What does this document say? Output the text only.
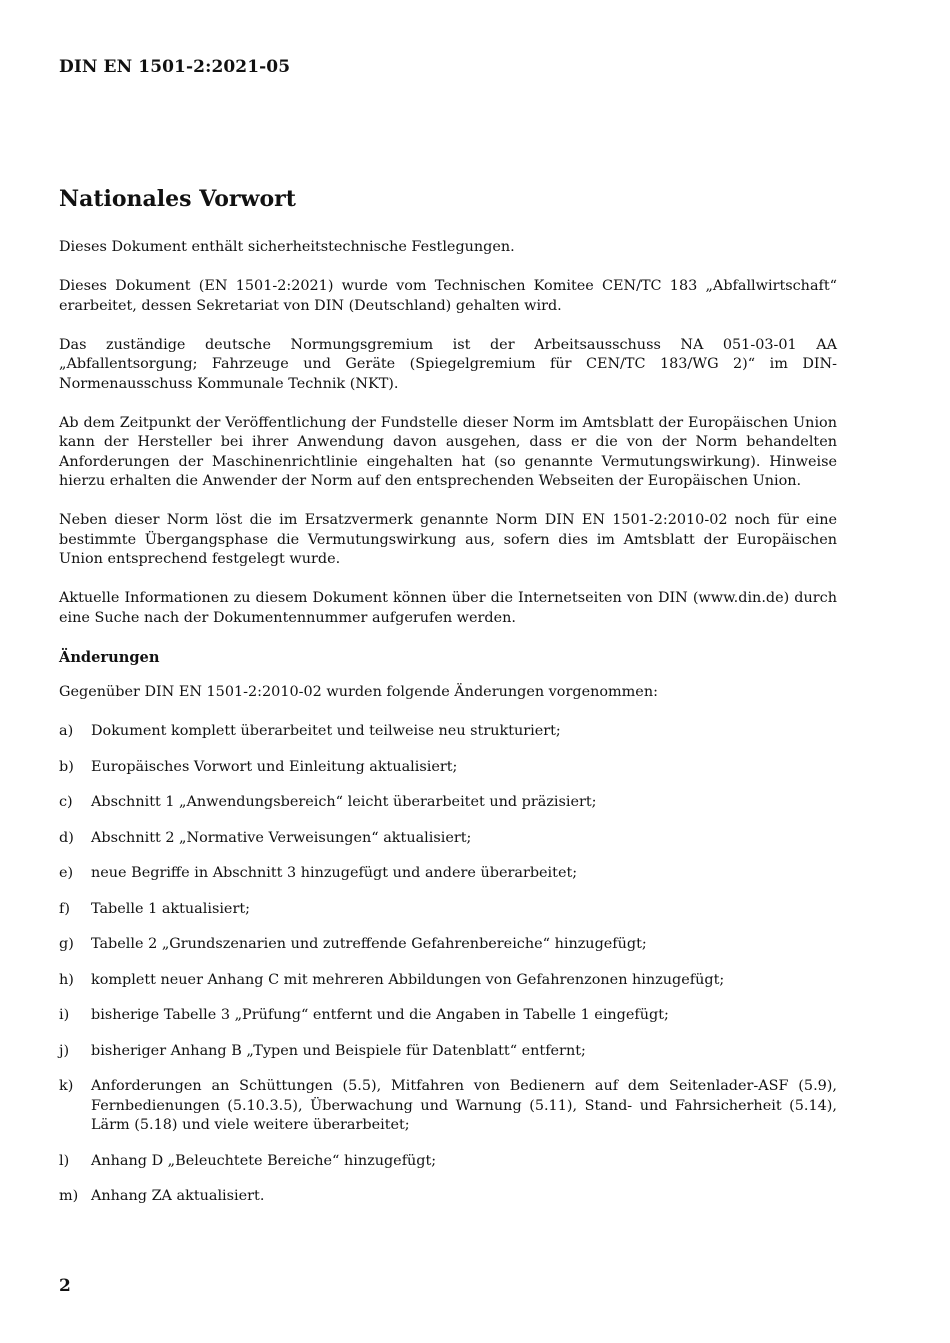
DIN EN 1501-2:2021-05
Nationales Vorwort

Dieses Dokument enthält sicherheitstechnische Festlegungen.

Dieses Dokument (EN 1501-2:2021) wurde vom Technischen Komitee CEN/TC 183 „Abfallwirtschaft“ erarbeitet, dessen Sekretariat von DIN (Deutschland) gehalten wird.

Das zuständige deutsche Normungsgremium ist der Arbeitsausschuss NA 051-03-01 AA „Abfallentsorgung; Fahrzeuge und Geräte (Spiegelgremium für CEN/TC 183/WG 2)“ im DIN-Normenausschuss Kommunale Technik (NKT).

Ab dem Zeitpunkt der Veröffentlichung der Fundstelle dieser Norm im Amtsblatt der Europäischen Union kann der Hersteller bei ihrer Anwendung davon ausgehen, dass er die von der Norm behandelten Anforderungen der Maschinenrichtlinie eingehalten hat (so genannte Vermutungswirkung). Hinweise hierzu erhalten die Anwender der Norm auf den entsprechenden Webseiten der Europäischen Union.

Neben dieser Norm löst die im Ersatzvermerk genannte Norm DIN EN 1501-2:2010-02 noch für eine bestimmte Übergangsphase die Vermutungswirkung aus, sofern dies im Amtsblatt der Europäischen Union entsprechend festgelegt wurde.

Aktuelle Informationen zu diesem Dokument können über die Internetseiten von DIN (www.din.de) durch eine Suche nach der Dokumentennummer aufgerufen werden.

Änderungen

Gegenüber DIN EN 1501-2:2010-02 wurden folgende Änderungen vorgenommen:

a) Dokument komplett überarbeitet und teilweise neu strukturiert;
b) Europäisches Vorwort und Einleitung aktualisiert;
c) Abschnitt 1 „Anwendungsbereich“ leicht überarbeitet und präzisiert;
d) Abschnitt 2 „Normative Verweisungen“ aktualisiert;
e) neue Begriffe in Abschnitt 3 hinzugefügt und andere überarbeitet;
f) Tabelle 1 aktualisiert;
g) Tabelle 2 „Grundszenarien und zutreffende Gefahrenbereiche“ hinzugefügt;
h) komplett neuer Anhang C mit mehreren Abbildungen von Gefahrenzonen hinzugefügt;
i) bisherige Tabelle 3 „Prüfung“ entfernt und die Angaben in Tabelle 1 eingefügt;
j) bisheriger Anhang B „Typen und Beispiele für Datenblatt“ entfernt;
k) Anforderungen an Schüttungen (5.5), Mitfahren von Bedienern auf dem Seitenlader-ASF (5.9), Fernbedienungen (5.10.3.5), Überwachung und Warnung (5.11), Stand- und Fahrsicherheit (5.14), Lärm (5.18) und viele weitere überarbeitet;
l) Anhang D „Beleuchtete Bereiche“ hinzugefügt;
m) Anhang ZA aktualisiert.
2
